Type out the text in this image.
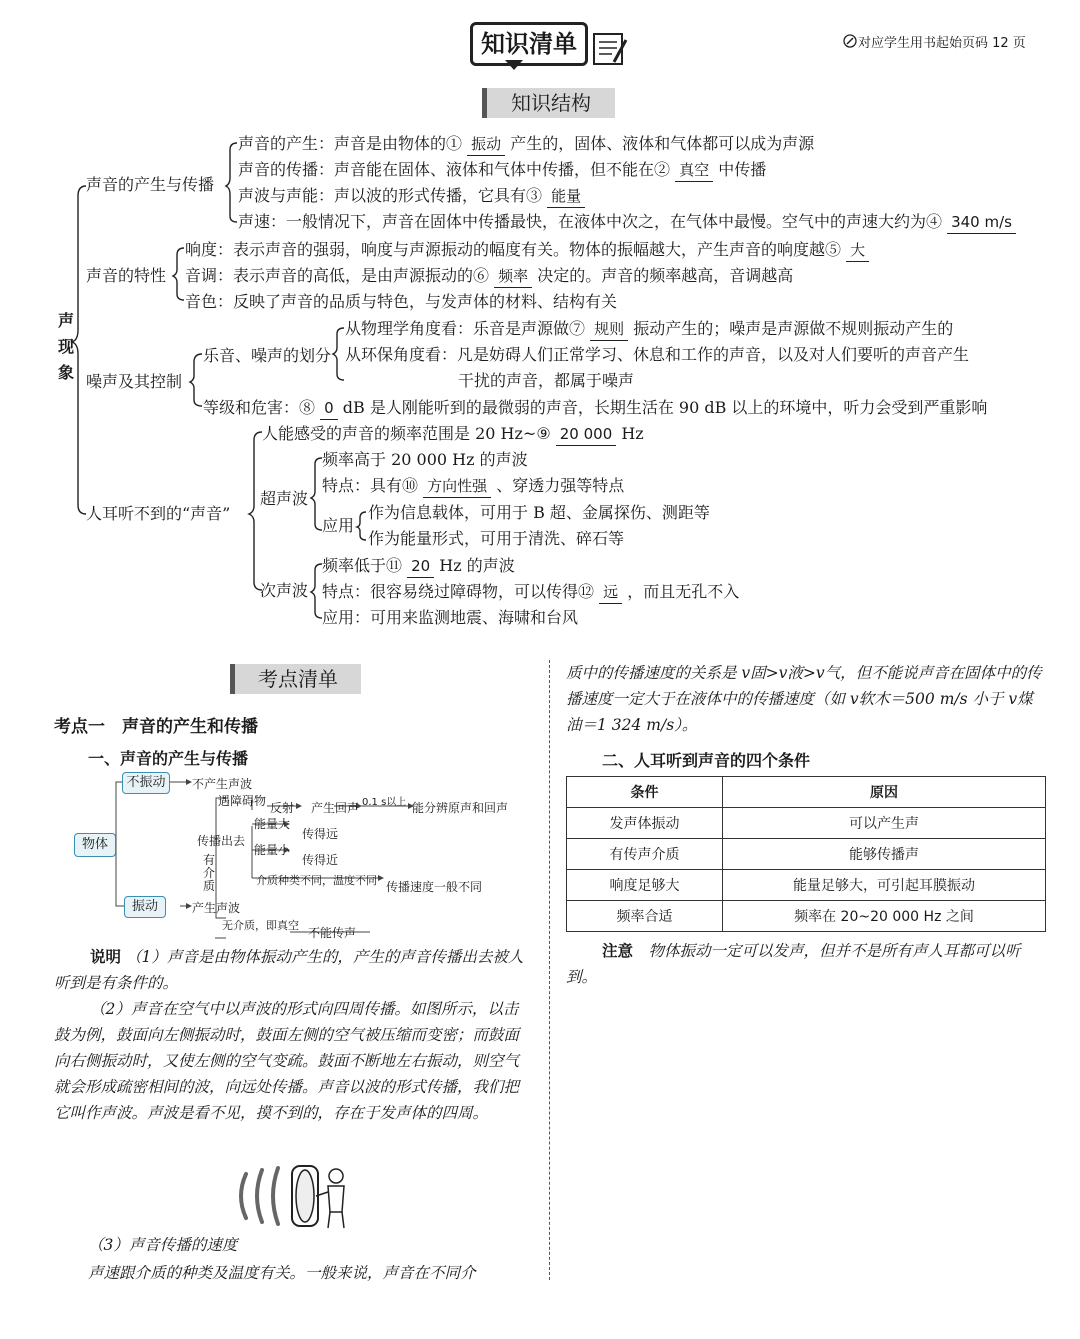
知识清单	对应学生用书起始页码 12 页
知识结构
声
现
象
声音的产生与传播
声音的产生：声音是由物体的① 振动 产生的，固体、液体和气体都可以成为声源
声音的传播：声音能在固体、液体和气体中传播，但不能在② 真空 中传播
声波与声能：声以波的形式传播，它具有③ 能量
声速：一般情况下，声音在固体中传播最快，在液体中次之，在气体中最慢。空气中的声速大约为④ 340 m/s
声音的特性
响度：表示声音的强弱，响度与声源振动的幅度有关。物体的振幅越大，产生声音的响度越⑤ 大
音调：表示声音的高低，是由声源振动的⑥ 频率 决定的。声音的频率越高，音调越高
音色：反映了声音的品质与特色，与发声体的材料、结构有关
噪声及其控制
乐音、噪声的划分
从物理学角度看：乐音是声源做⑦ 规则 振动产生的；噪声是声源做不规则振动产生的
从环保角度看：凡是妨碍人们正常学习、休息和工作的声音，以及对人们要听的声音产生
干扰的声音，都属于噪声
等级和危害：⑧ 0 dB 是人刚能听到的最微弱的声音，长期生活在 90 dB 以上的环境中，听力会受到严重影响
人耳听不到的“声音”
人能感受的声音的频率范围是 20 Hz~⑨ 20 000 Hz
超声波
频率高于 20 000 Hz 的声波
特点：具有⑩ 方向性强 、穿透力强等特点
应用
作为信息载体，可用于 B 超、金属探伤、测距等
作为能量形式，可用于清洗、碎石等
次声波
频率低于⑪ 20 Hz 的声波
特点：很容易绕过障碍物，可以传得⑫ 远 ，而且无孔不入
应用：可用来监测地震、海啸和台风
考点清单
考点一　声音的产生和传播
一、声音的产生与传播
物体
不振动
振动
不产生声波
遇障碍物 反射 产生回声 0.1 s以上 能分辨原声和回声
传播出去
能量大
传得远
能量小
传得近
有介质	介质种类不同，温度不同 传播速度一般不同
产生声波
无介质，即真空
不能传声
说明 （1）声音是由物体振动产生的，产生的声音传播出去被人听到是有条件的。
（2）声音在空气中以声波的形式向四周传播。如图所示，以击鼓为例，鼓面向左侧振动时，鼓面左侧的空气被压缩而变密；而鼓面向右侧振动时，又使左侧的空气变疏。鼓面不断地左右振动，则空气就会形成疏密相间的波，向远处传播。声音以波的形式传播，我们把它叫作声波。声波是看不见，摸不到的，存在于发声体的四周。
（3）声音传播的速度
声速跟介质的种类及温度有关。一般来说，声音在不同介
质中的传播速度的关系是 v固>v液>v气，但不能说声音在固体中的传播速度一定大于在液体中的传播速度（如 v软木＝500 m/s 小于 v煤油＝1 324 m/s）。
二、人耳听到声音的四个条件
条件	原因
发声体振动	可以产生声
有传声介质	能够传播声
响度足够大	能量足够大，可引起耳膜振动
频率合适	频率在 20~20 000 Hz 之间
注意　 物体振动一定可以发声，但并不是所有声人耳都可以听到。
